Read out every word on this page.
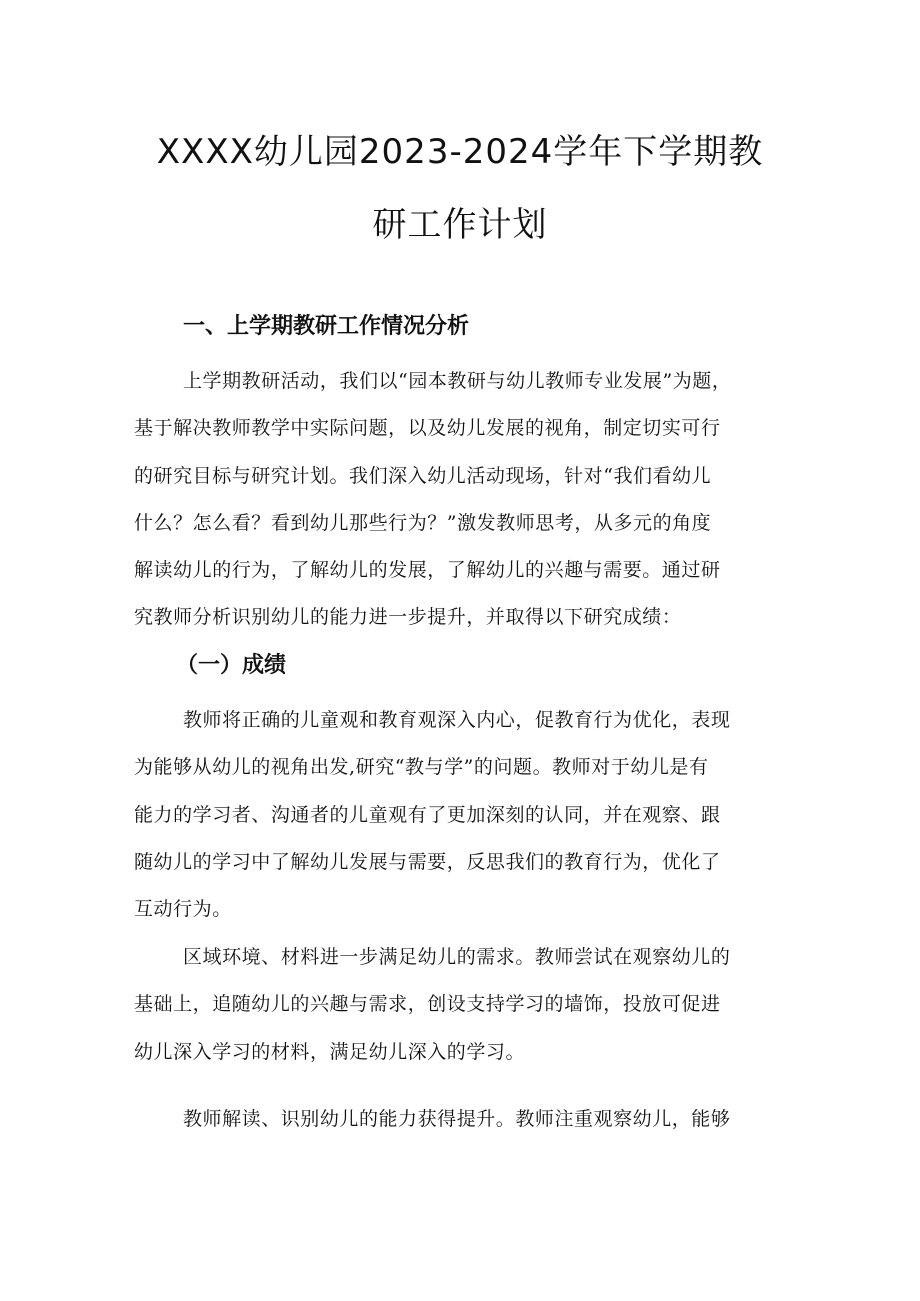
XXXX幼儿园2023-2024学年下学期教
研工作计划
一、上学期教研工作情况分析

上学期教研活动，我们以“园本教研与幼儿教师专业发展”为题，
基于解决教师教学中实际问题，以及幼儿发展的视角，制定切实可行
的研究目标与研究计划。我们深入幼儿活动现场，针对“我们看幼儿
什么？怎么看？看到幼儿那些行为？”激发教师思考，从多元的角度
解读幼儿的行为，了解幼儿的发展，了解幼儿的兴趣与需要。通过研
究教师分析识别幼儿的能力进一步提升，并取得以下研究成绩：

（一）成绩

教师将正确的儿童观和教育观深入内心，促教育行为优化，表现
为能够从幼儿的视角出发,研究“教与学”的问题。教师对于幼儿是有
能力的学习者、沟通者的儿童观有了更加深刻的认同，并在观察、跟
随幼儿的学习中了解幼儿发展与需要，反思我们的教育行为，优化了
互动行为。

区域环境、材料进一步满足幼儿的需求。教师尝试在观察幼儿的
基础上，追随幼儿的兴趣与需求，创设支持学习的墙饰，投放可促进
幼儿深入学习的材料，满足幼儿深入的学习。

教师解读、识别幼儿的能力获得提升。教师注重观察幼儿，能够
